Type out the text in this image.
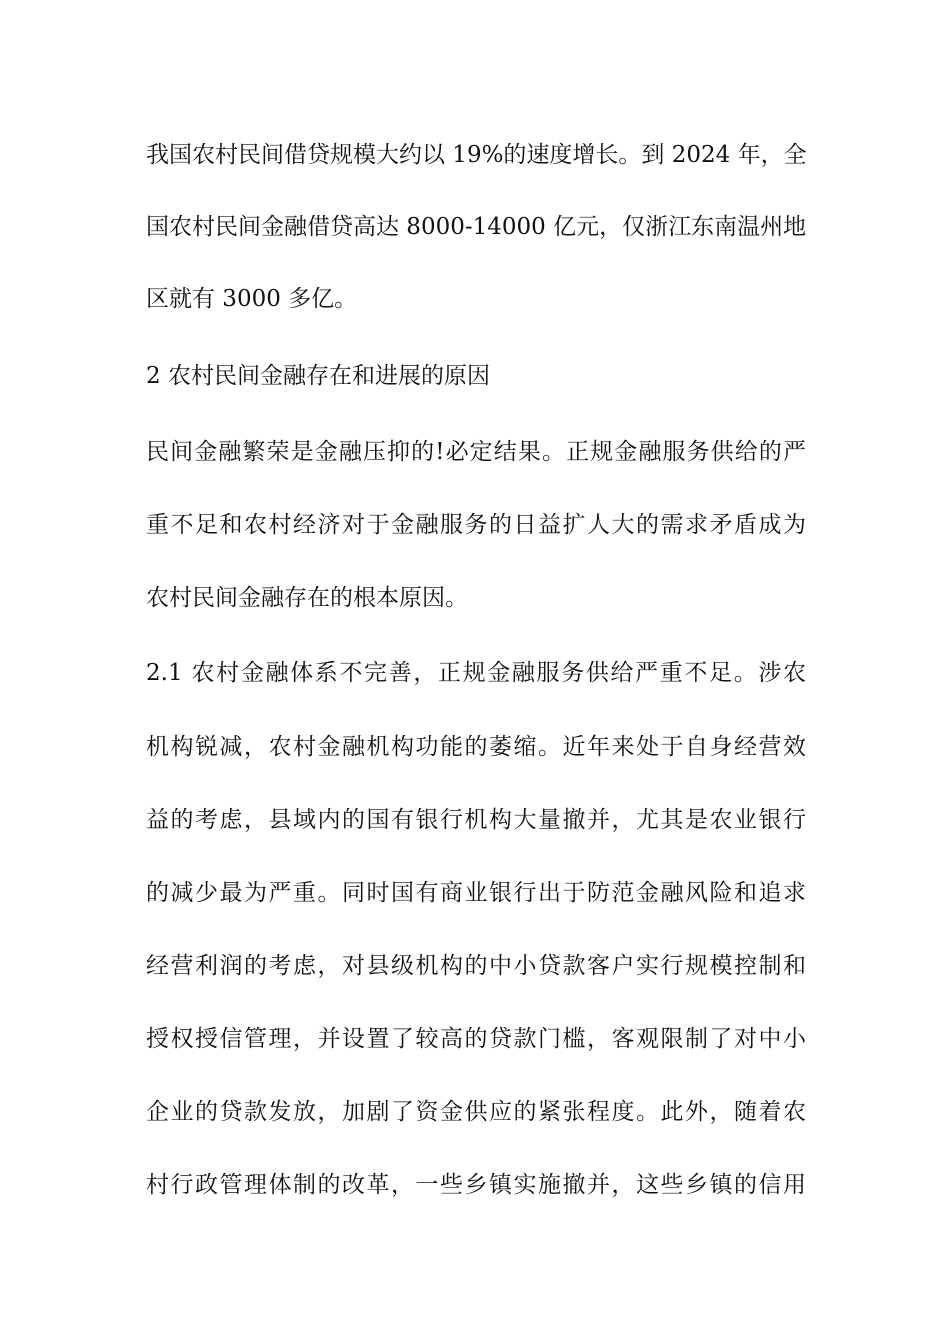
我国农村民间借贷规模大约以 19%的速度增长。到 2024 年，全
国农村民间金融借贷高达 8000-14000 亿元，仅浙江东南温州地
区就有 3000 多亿。
2 农村民间金融存在和进展的原因
民间金融繁荣是金融压抑的!必定结果。正规金融服务供给的严
重不足和农村经济对于金融服务的日益扩人大的需求矛盾成为
农村民间金融存在的根本原因。
2.1 农村金融体系不完善，正规金融服务供给严重不足。涉农
机构锐减，农村金融机构功能的萎缩。近年来处于自身经营效
益的考虑，县域内的国有银行机构大量撤并，尤其是农业银行
的减少最为严重。同时国有商业银行出于防范金融风险和追求
经营利润的考虑，对县级机构的中小贷款客户实行规模控制和
授权授信管理，并设置了较高的贷款门槛，客观限制了对中小
企业的贷款发放，加剧了资金供应的紧张程度。此外，随着农
村行政管理体制的改革，一些乡镇实施撤并，这些乡镇的信用
